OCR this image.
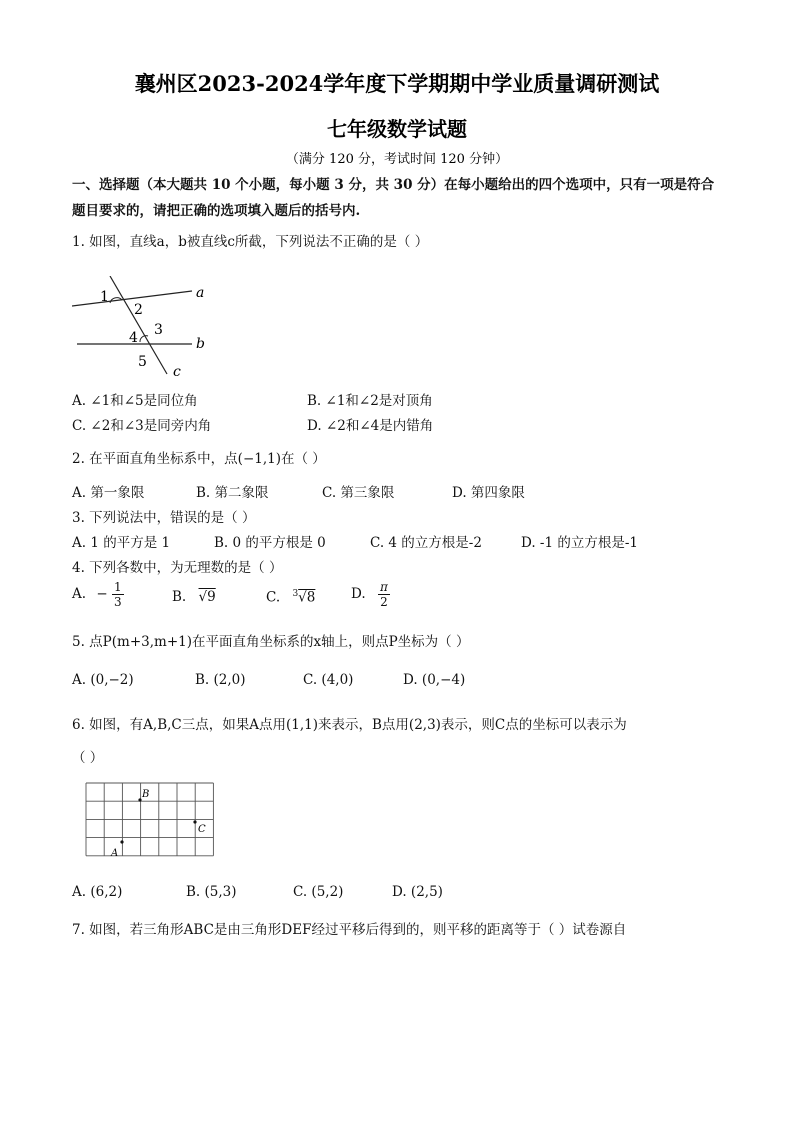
襄州区2023-2024学年度下学期期中学业质量调研测试
七年级数学试题
（满分 120 分，考试时间 120 分钟）
一、选择题（本大题共 10 个小题，每小题 3 分，共 30 分）在每小题给出的四个选项中，只有一项是符合
题目要求的，请把正确的选项填入题后的括号内.
1. 如图，直线a，b被直线c所截，下列说法不正确的是（ ）
1
2
3
4
5
a
b
c
A. ∠1和∠5是同位角	B. ∠1和∠2是对顶角
C. ∠2和∠3是同旁内角	D. ∠2和∠4是内错角
2. 在平面直角坐标系中，点(−1,1)在（ ）
A. 第一象限	B. 第二象限	C. 第三象限	D. 第四象限
3. 下列说法中，错误的是（ ）
A. 1 的平方是 1	B. 0 的平方根是 0	C. 4 的立方根是-2	D. -1 的立方根是-1
4. 下列各数中，为无理数的是（ ）
A. − $\frac{1}{3}$	B. √9	C. $^3$√8	D. $\frac{\pi}{2}$
5. 点P(m+3,m+1)在平面直角坐标系的x轴上，则点P坐标为（ ）
A. (0,−2)	B. (2,0)	C. (4,0)	D. (0,−4)
6. 如图，有A,B,C三点，如果A点用(1,1)来表示，B点用(2,3)表示，则C点的坐标可以表示为
（ ）
B
A
C
A. (6,2)	B. (5,3)	C. (5,2)	D. (2,5)
7. 如图，若三角形ABC是由三角形DEF经过平移后得到的，则平移的距离等于（ ）试卷源自
